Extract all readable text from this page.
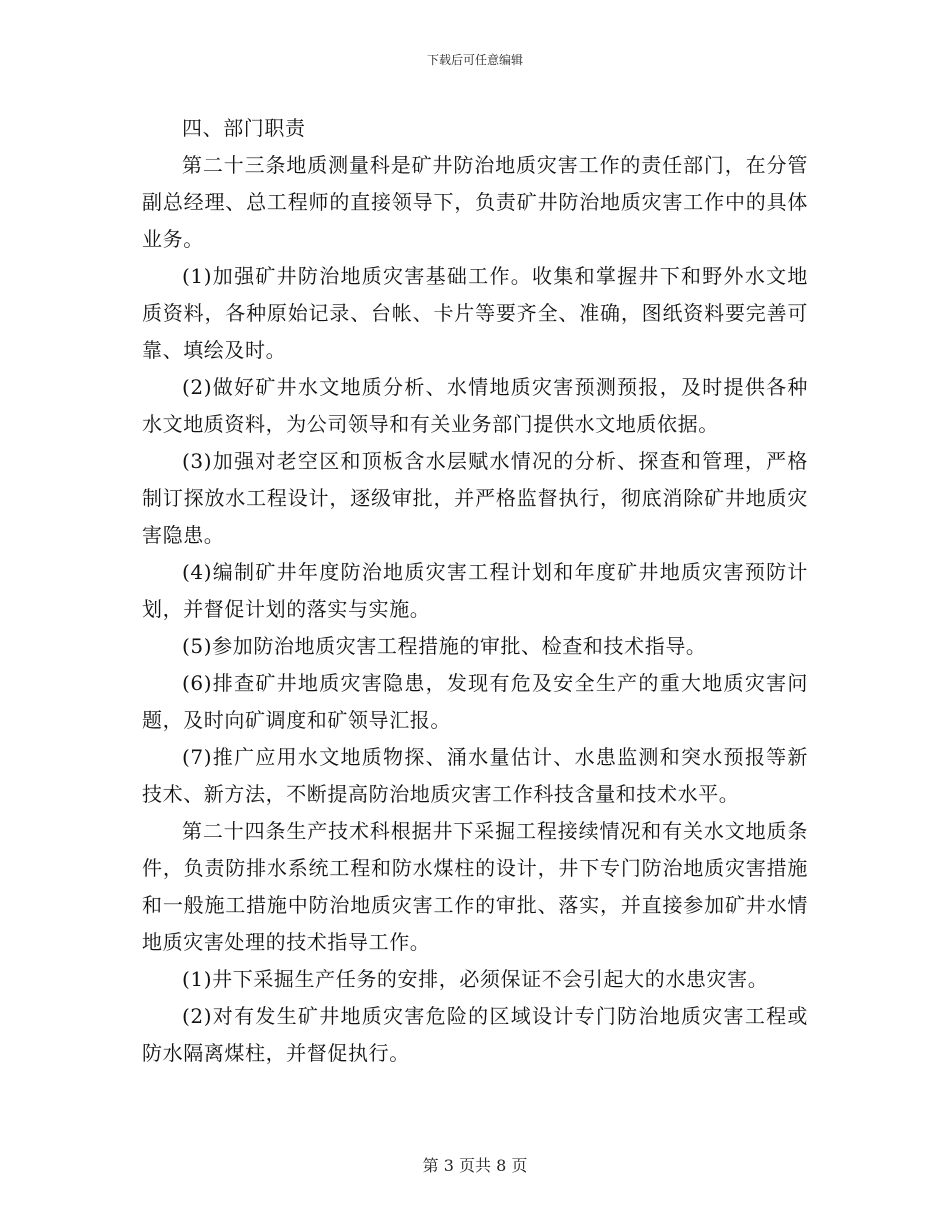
下载后可任意编辑

四、部门职责

第二十三条地质测量科是矿井防治地质灾害工作的责任部门，在分管副总经理、总工程师的直接领导下，负责矿井防治地质灾害工作中的具体业务。

(1)加强矿井防治地质灾害基础工作。收集和掌握井下和野外水文地质资料，各种原始记录、台帐、卡片等要齐全、准确，图纸资料要完善可靠、填绘及时。

(2)做好矿井水文地质分析、水情地质灾害预测预报，及时提供各种水文地质资料，为公司领导和有关业务部门提供水文地质依据。

(3)加强对老空区和顶板含水层赋水情况的分析、探查和管理，严格制订探放水工程设计，逐级审批，并严格监督执行，彻底消除矿井地质灾害隐患。

(4)编制矿井年度防治地质灾害工程计划和年度矿井地质灾害预防计划，并督促计划的落实与实施。

(5)参加防治地质灾害工程措施的审批、检查和技术指导。

(6)排查矿井地质灾害隐患，发现有危及安全生产的重大地质灾害问题，及时向矿调度和矿领导汇报。

(7)推广应用水文地质物探、涌水量估计、水患监测和突水预报等新技术、新方法，不断提高防治地质灾害工作科技含量和技术水平。

第二十四条生产技术科根据井下采掘工程接续情况和有关水文地质条件，负责防排水系统工程和防水煤柱的设计，井下专门防治地质灾害措施和一般施工措施中防治地质灾害工作的审批、落实，并直接参加矿井水情地质灾害处理的技术指导工作。

(1)井下采掘生产任务的安排，必须保证不会引起大的水患灾害。

(2)对有发生矿井地质灾害危险的区域设计专门防治地质灾害工程或防水隔离煤柱，并督促执行。

第 3 页共 8 页
